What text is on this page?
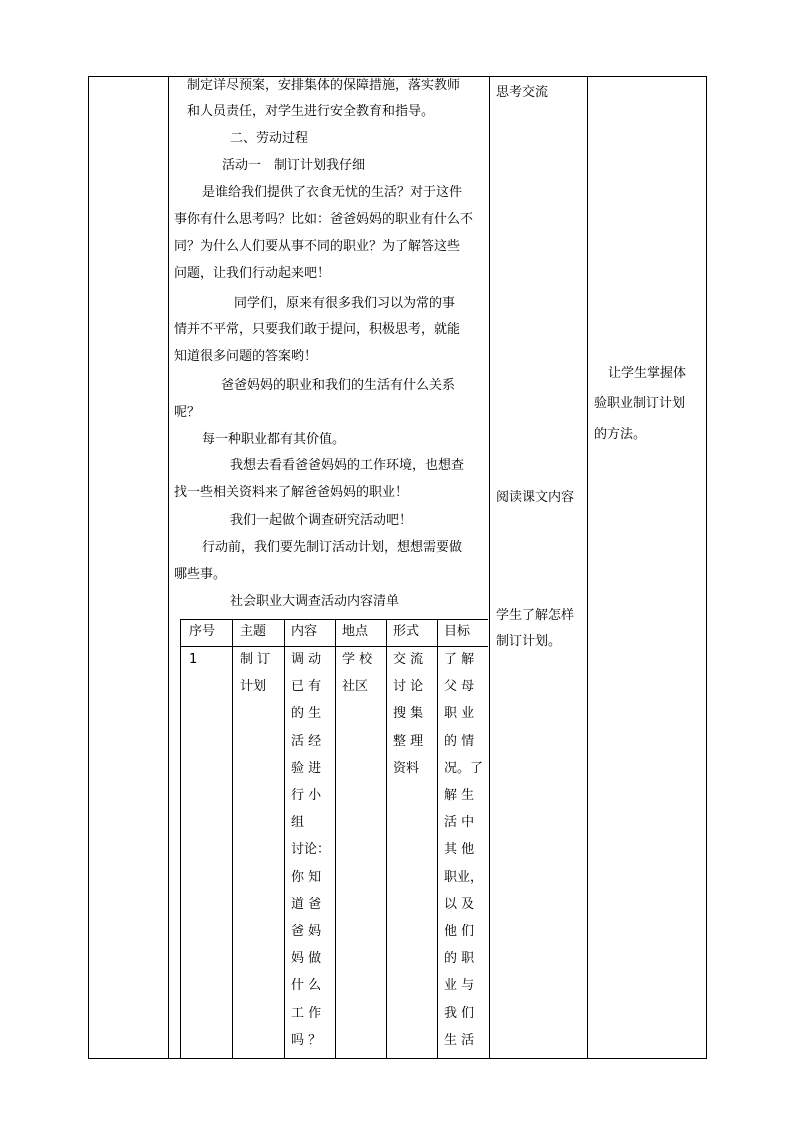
制定详尽预案，安排集体的保障措施，落实教师
和人员责任，对学生进行安全教育和指导。
二、劳动过程
活动一　制订计划我仔细
是谁给我们提供了衣食无忧的生活？对于这件
事你有什么思考吗？比如：爸爸妈妈的职业有什么不
同？为什么人们要从事不同的职业？为了解答这些
问题，让我们行动起来吧！
同学们，原来有很多我们习以为常的事
情并不平常，只要我们敢于提问，积极思考，就能
知道很多问题的答案哟！
爸爸妈妈的职业和我们的生活有什么关系
呢？
每一种职业都有其价值。
我想去看看爸爸妈妈的工作环境，也想查
找一些相关资料来了解爸爸妈妈的职业！
我们一起做个调查研究活动吧！
行动前，我们要先制订活动计划，想想需要做
哪些事。
社会职业大调查活动内容清单
序号 主题 内容 地点 形式 目标
1	制 订
计划
调 动
已 有
的 生
活 经
验 进
行 小
组
讨论：
你 知
道 爸
爸 妈
妈 做
什 么
工 作
吗 ？
学 校
社区
交 流
讨 论
搜 集
整 理
资料
了 解
父 母
职 业
的 情
况。了
解 生
活 中
其 他
职业，
以 及
他 们
的 职
业 与
我 们
生 活
思考交流
阅读课文内容
学生了解怎样
制订计划。
让学生掌握体
验职业制订计划
的方法。
